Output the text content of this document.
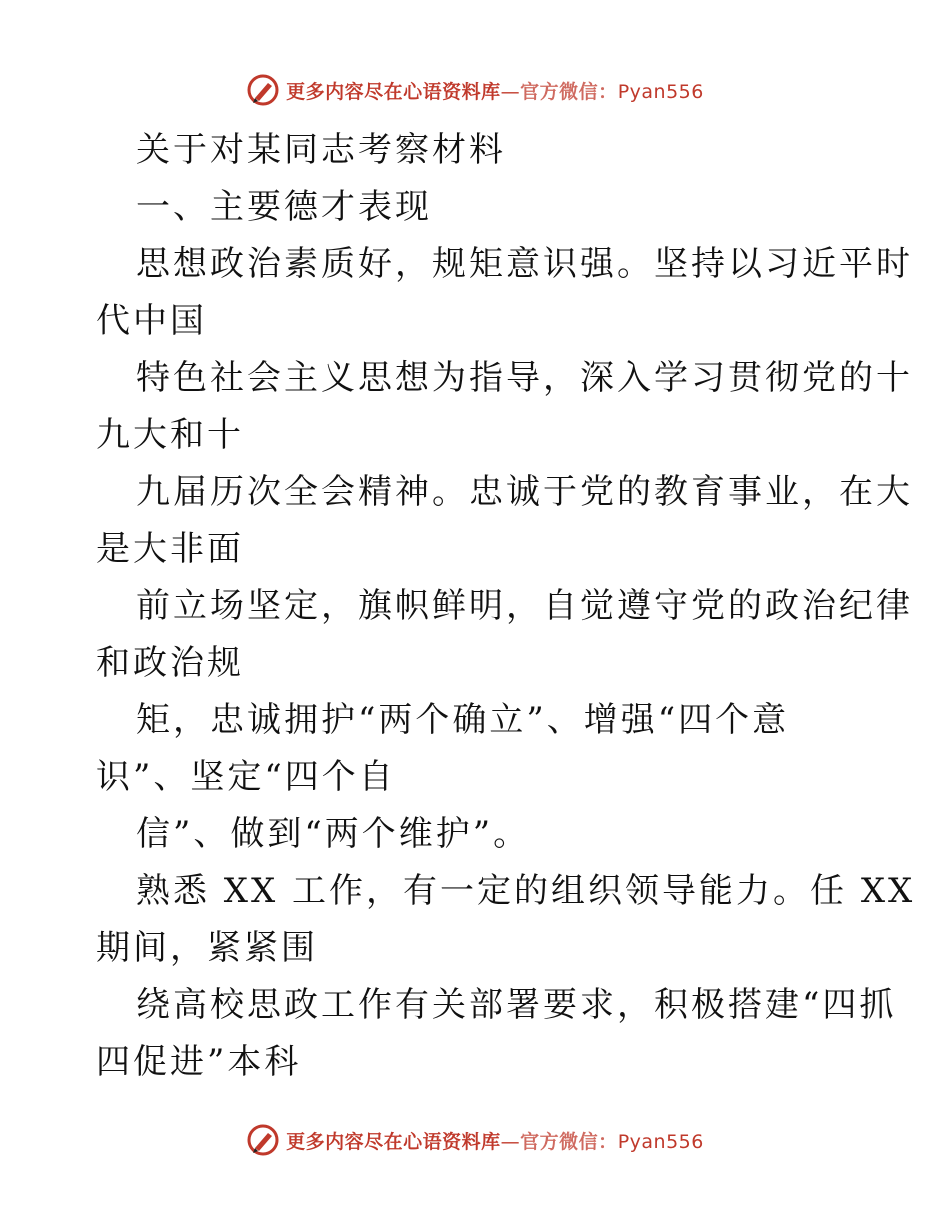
更多内容尽在心语资料库—官方微信：Pyan556
关于对某同志考察材料
一、主要德才表现
思想政治素质好，规矩意识强。坚持以习近平时
代中国
特色社会主义思想为指导，深入学习贯彻党的十
九大和十
九届历次全会精神。忠诚于党的教育事业，在大
是大非面
前立场坚定，旗帜鲜明，自觉遵守党的政治纪律
和政治规
矩，忠诚拥护“两个确立”、增强“四个意
识”、坚定“四个自
信”、做到“两个维护”。
熟悉 XX 工作，有一定的组织领导能力。任 XX
期间，紧紧围
绕高校思政工作有关部署要求，积极搭建“四抓
四促进”本科
更多内容尽在心语资料库—官方微信：Pyan556
